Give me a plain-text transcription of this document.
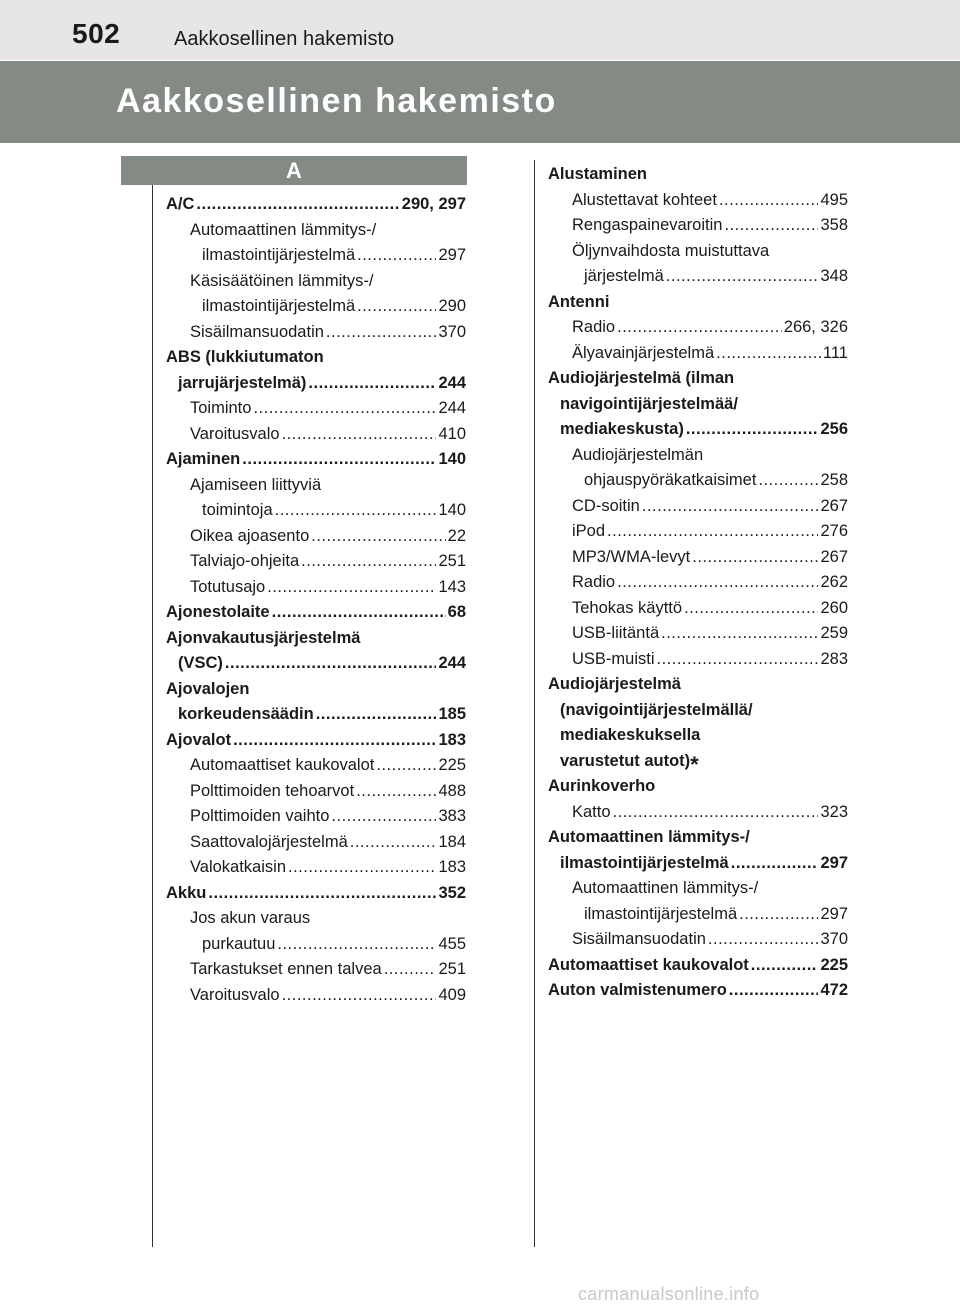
502	Aakkosellinen hakemisto
Aakkosellinen hakemisto
A
A/C .....	290, 297
Automaattinen lämmitys-/
ilmastointijärjestelmä .....	297
Käsisäätöinen lämmitys-/
ilmastointijärjestelmä .....	290
Sisäilmansuodatin .....	370
ABS (lukkiutumaton
jarrujärjestelmä) .....	244
Toiminto .....	244
Varoitusvalo .....	410
Ajaminen .....	140
Ajamiseen liittyviä
toimintoja .....	140
Oikea ajoasento .....	22
Talviajo-ohjeita .....	251
Totutusajo .....	143
Ajonestolaite .....	68
Ajonvakautusjärjestelmä
(VSC) .....	244
Ajovalojen
korkeudensäädin .....	185
Ajovalot .....	183
Automaattiset kaukovalot .....	225
Polttimoiden tehoarvot .....	488
Polttimoiden vaihto .....	383
Saattovalojärjestelmä .....	184
Valokatkaisin .....	183
Akku .....	352
Jos akun varaus
purkautuu .....	455
Tarkastukset ennen talvea .....	251
Varoitusvalo .....	409
Alustaminen
Alustettavat kohteet .....	495
Rengaspainevaroitin .....	358
Öljynvaihdosta muistuttava
järjestelmä .....	348
Antenni
Radio .....	266, 326
Älyavainjärjestelmä .....	111
Audiojärjestelmä (ilman
navigointijärjestelmää/
mediakeskusta) .....	256
Audiojärjestelmän
ohjauspyöräkatkaisimet .....	258
CD-soitin .....	267
iPod .....	276
MP3/WMA-levyt .....	267
Radio .....	262
Tehokas käyttö .....	260
USB-liitäntä .....	259
USB-muisti .....	283
Audiojärjestelmä
(navigointijärjestelmällä/
mediakeskuksella
varustetut autot)*
Aurinkoverho
Katto .....	323
Automaattinen lämmitys-/
ilmastointijärjestelmä .....	297
Automaattinen lämmitys-/
ilmastointijärjestelmä .....	297
Sisäilmansuodatin .....	370
Automaattiset kaukovalot .....	225
Auton valmistenumero .....	472
carmanualsonline.info
